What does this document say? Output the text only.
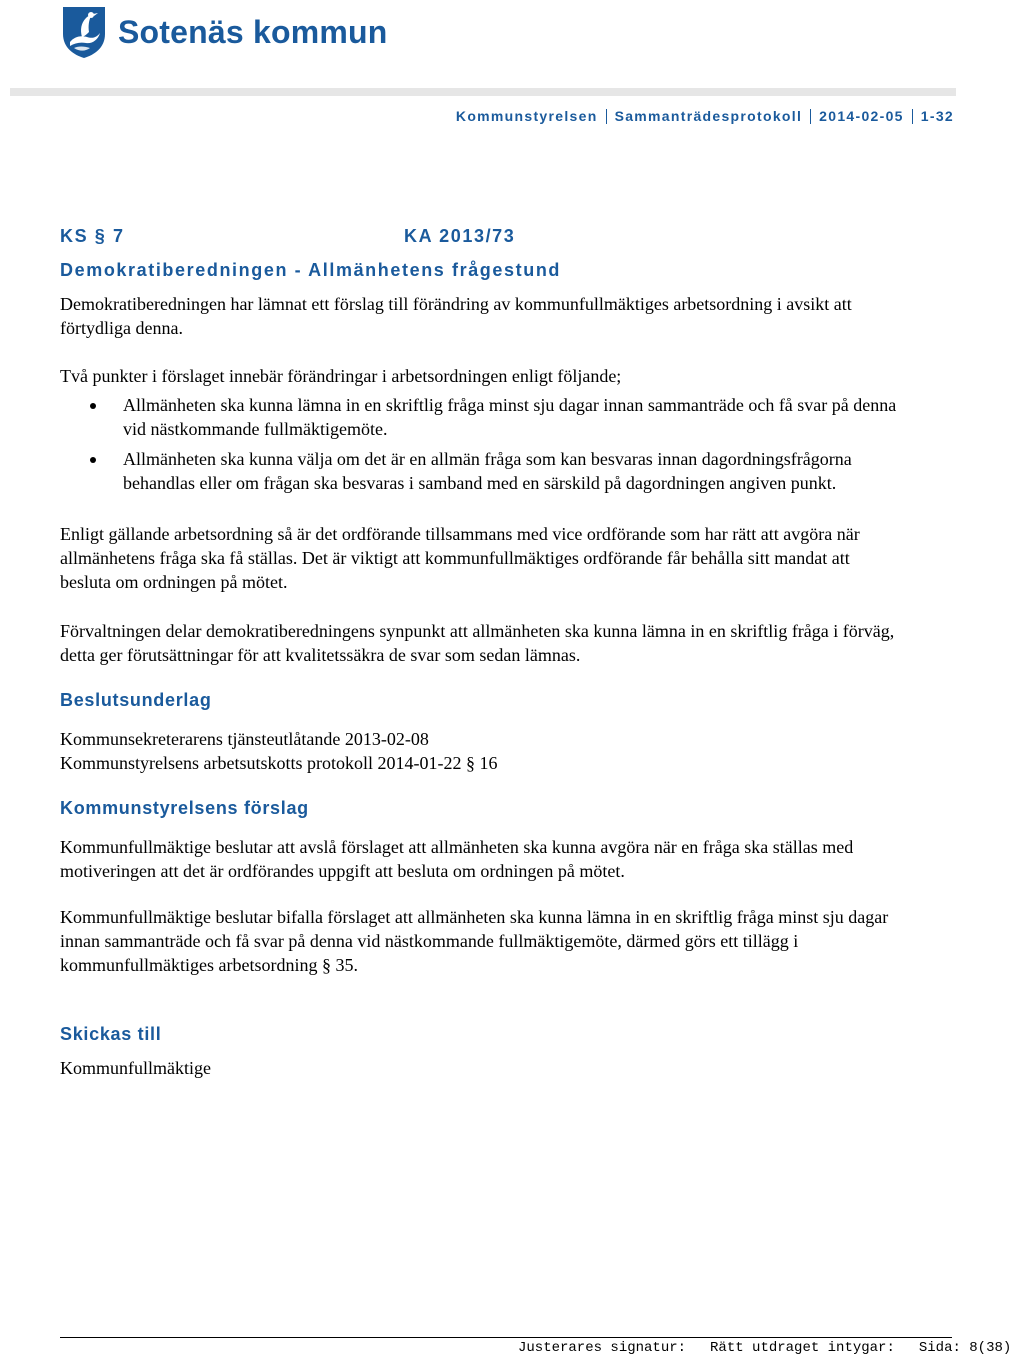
Sotenäs kommun
Kommunstyrelsen Sammanträdesprotokoll 2014-02-05 1-32
KS § 7	KA 2013/73
Demokratiberedningen - Allmänhetens frågestund

Demokratiberedningen har lämnat ett förslag till förändring av kommunfullmäktiges arbetsordning i avsikt att förtydliga denna.

Två punkter i förslaget innebär förändringar i arbetsordningen enligt följande;

Allmänheten ska kunna lämna in en skriftlig fråga minst sju dagar innan sammanträde och få svar på denna vid nästkommande fullmäktigemöte.
Allmänheten ska kunna välja om det är en allmän fråga som kan besvaras innan dagordningsfrågorna behandlas eller om frågan ska besvaras i samband med en särskild på dagordningen angiven punkt.

Enligt gällande arbetsordning så är det ordförande tillsammans med vice ordförande som har rätt att avgöra när allmänhetens fråga ska få ställas. Det är viktigt att kommunfullmäktiges ordförande får behålla sitt mandat att besluta om ordningen på mötet.

Förvaltningen delar demokratiberedningens synpunkt att allmänheten ska kunna lämna in en skriftlig fråga i förväg, detta ger förutsättningar för att kvalitetssäkra de svar som sedan lämnas.

Beslutsunderlag

Kommunsekreterarens tjänsteutlåtande 2013-02-08

Kommunstyrelsens arbetsutskotts protokoll 2014-01-22 § 16

Kommunstyrelsens förslag

Kommunfullmäktige beslutar att avslå förslaget att allmänheten ska kunna avgöra när en fråga ska ställas med motiveringen att det är ordförandes uppgift att besluta om ordningen på mötet.

Kommunfullmäktige beslutar bifalla förslaget att allmänheten ska kunna lämna in en skriftlig fråga minst sju dagar innan sammanträde och få svar på denna vid nästkommande fullmäktigemöte, därmed görs ett tillägg i kommunfullmäktiges arbetsordning § 35.

Skickas till

Kommunfullmäktige

Justerares signatur: Rätt utdraget intygar: Sida: 8(38)
